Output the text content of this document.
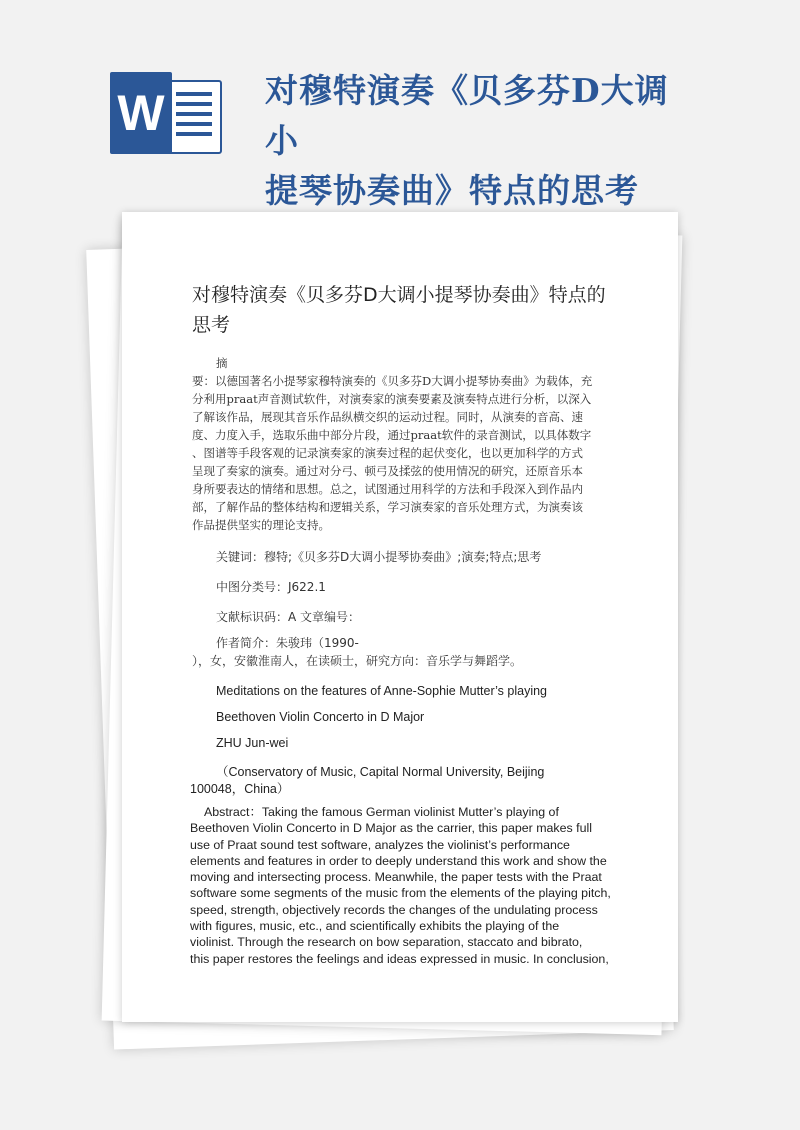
W	对穆特演奏《贝多芬D大调小
提琴协奏曲》特点的思考
对穆特演奏《贝多芬D大调小提琴协奏曲》特点的
思考
摘
要：以德国著名小提琴家穆特演奏的《贝多芬D大调小提琴协奏曲》为载体，充
分利用praat声音测试软件，对演奏家的演奏要素及演奏特点进行分析，以深入
了解该作品，展现其音乐作品纵横交织的运动过程。同时，从演奏的音高、速
度、力度入手，选取乐曲中部分片段，通过praat软件的录音测试，以具体数字
、图谱等手段客观的记录演奏家的演奏过程的起伏变化，也以更加科学的方式
呈现了奏家的演奏。通过对分弓、顿弓及揉弦的使用情况的研究，还原音乐本
身所要表达的情绪和思想。总之，试图通过用科学的方法和手段深入到作品内
部，了解作品的整体结构和逻辑关系，学习演奏家的音乐处理方式，为演奏该
作品提供坚实的理论支持。
关键词：穆特;《贝多芬D大调小提琴协奏曲》;演奏;特点;思考
中图分类号：J622.1
文献标识码：A 文章编号：
作者简介：朱骏玮（1990-
），女，安徽淮南人，在读硕士，研究方向：音乐学与舞蹈学。
Meditations on the features of Anne-Sophie Mutter’s playing
Beethoven Violin Concerto in D Major
ZHU Jun-wei
（Conservatory of Music, Capital Normal University, Beijing
100048，China）
Abstract：Taking the famous German violinist Mutter’s playing of
Beethoven Violin Concerto in D Major as the carrier, this paper makes full
use of Praat sound test software, analyzes the violinist’s performance
elements and features in order to deeply understand this work and show the
moving and intersecting process. Meanwhile, the paper tests with the Praat
software some segments of the music from the elements of the playing pitch,
speed, strength, objectively records the changes of the undulating process
with figures, music, etc., and scientifically exhibits the playing of the
violinist. Through the research on bow separation, staccato and bibrato,
this paper restores the feelings and ideas expressed in music. In conclusion,
